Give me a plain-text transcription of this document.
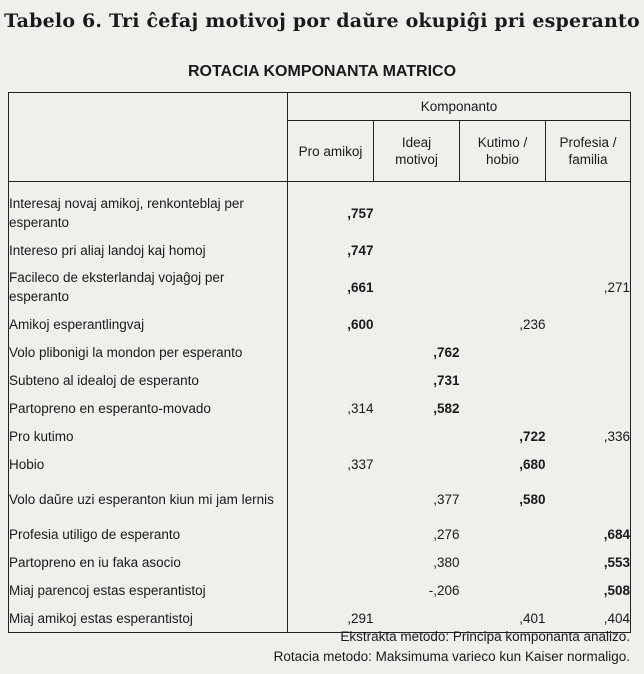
Tabelo 6. Tri ĉefaj motivoj por daŭre okupiĝi pri esperanto
ROTACIA KOMPONANTA MATRICO
	Komponanto			
	Pro amikoj	Ideaj motivoj	Kutimo / hobio	Profesia / familia

Interesaj novaj amikoj, renkonteblaj per esperanto	,757			
Intereso pri aliaj landoj kaj homoj	,747			
Facileco de eksterlandaj vojaĝoj per esperanto	,661			,271
Amikoj esperantlingvaj	,600		,236	
Volo plibonigi la mondon per esperanto		,762		
Subteno al idealoj de esperanto		,731		
Partopreno en esperanto-movado	,314	,582		
Pro kutimo			,722	,336
Hobio	,337		,680	
Volo daŭre uzi esperanton kiun mi jam lernis		,377	,580	
Profesia utiligo de esperanto		,276		,684
Partopreno en iu faka asocio		,380		,553
Miaj parencoj estas esperantistoj		-,206		,508
Miaj amikoj estas esperantistoj	,291		,401	,404
Ekstrakta metodo: Principa komponanta analizo.
Rotacia metodo: Maksimuma varieco kun Kaiser normaligo.
